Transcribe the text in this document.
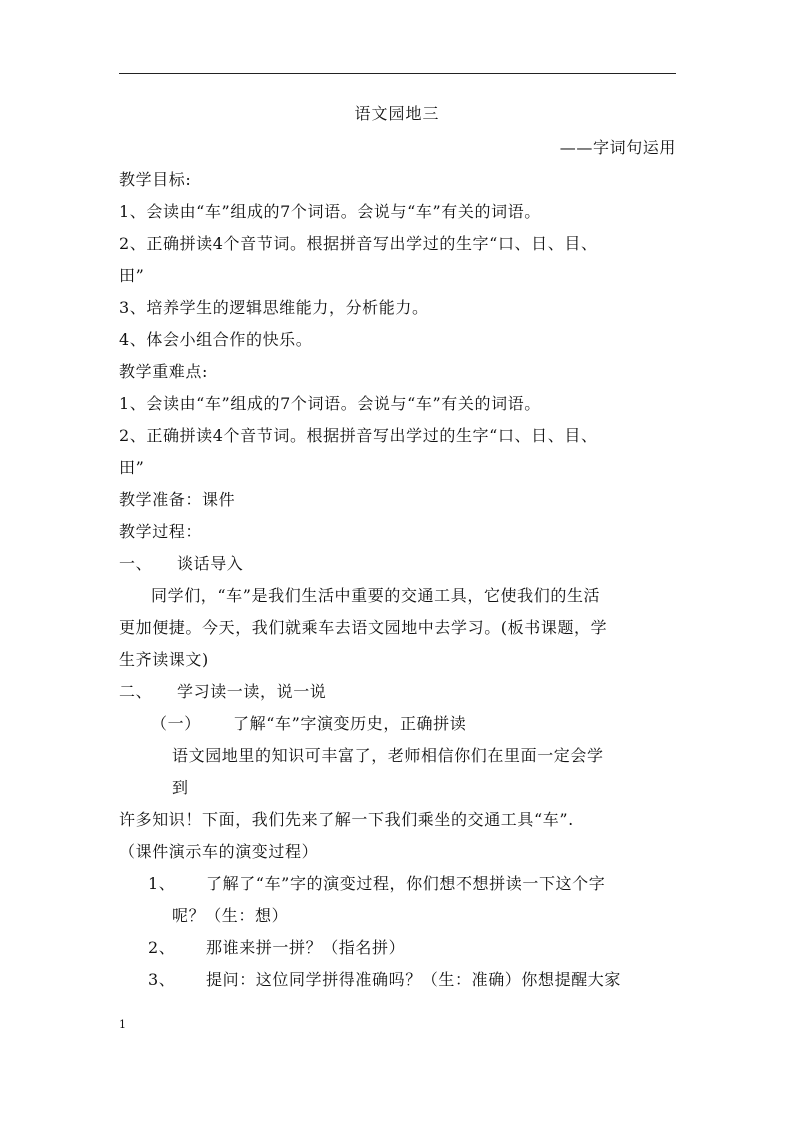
语文园地三
——字词句运用
教学目标:
1、会读由“车”组成的7个词语。会说与“车”有关的词语。
2、正确拼读4个音节词。根据拼音写出学过的生字“口、日、目、
田”
3、培养学生的逻辑思维能力，分析能力。
4、体会小组合作的快乐。
教学重难点:
1、会读由“车”组成的7个词语。会说与“车”有关的词语。
2、正确拼读4个音节词。根据拼音写出学过的生字“口、日、目、
田”
教学准备：课件
教学过程：
一、 谈话导入
同学们，“车”是我们生活中重要的交通工具，它使我们的生活
更加便捷。今天，我们就乘车去语文园地中去学习。(板书课题，学
生齐读课文)
二、 学习读一读，说一说
（一） 了解“车”字演变历史，正确拼读
语文园地里的知识可丰富了，老师相信你们在里面一定会学
到
许多知识！下面，我们先来了解一下我们乘坐的交通工具“车”.
（课件演示车的演变过程）
1、 了解了“车”字的演变过程，你们想不想拼读一下这个字
呢？（生：想）
2、 那谁来拼一拼？（指名拼）
3、 提问：这位同学拼得准确吗？（生：准确）你想提醒大家
1
